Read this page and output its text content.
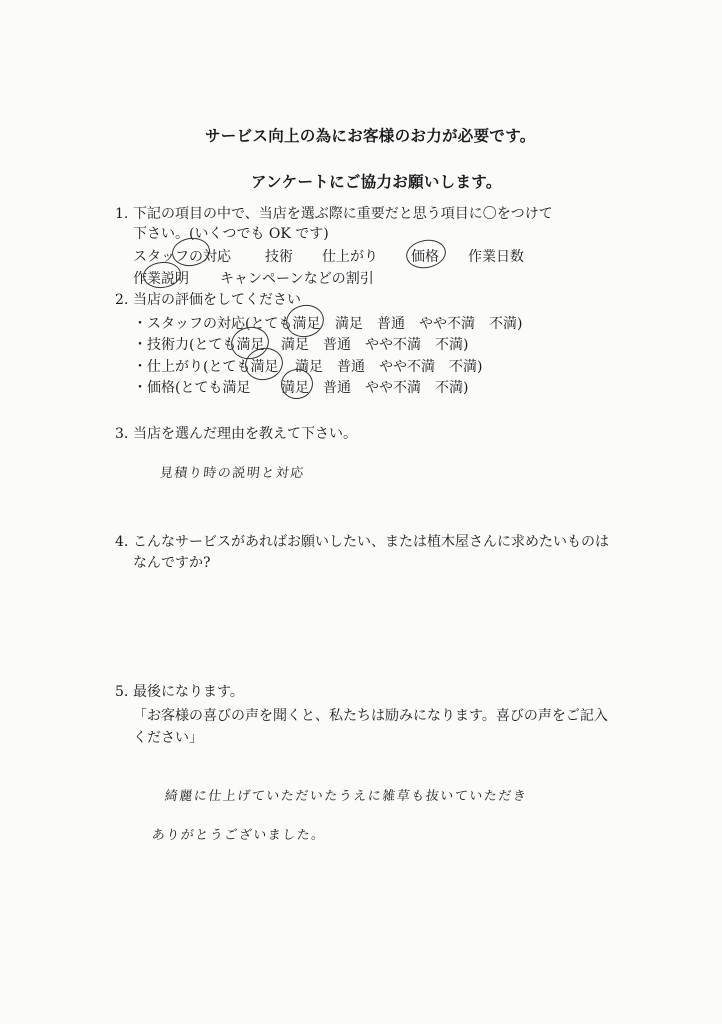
サービス向上の為にお客様のお力が必要です。
アンケートにご協力お願いします。
1. 下記の項目の中で、当店を選ぶ際に重要だと思う項目に〇をつけて
下さい。(いくつでも OK です)
スタッフの対応 技術 仕上がり 価格 作業日数
作業説明 キャンペーンなどの割引
2. 当店の評価をしてください
・スタッフの対応(とても満足 満足　普通　やや不満　不満)
・技術力(とても満足 満足　普通　やや不満　不満)
・仕上がり(とても満足 満足　普通　やや不満　不満)
・価格(とても満足 満足　普通　やや不満　不満)
3. 当店を選んだ理由を教えて下さい。
見積り時の説明と対応
4. こんなサービスがあればお願いしたい、または植木屋さんに求めたいものは
なんですか?
5. 最後になります。
「お客様の喜びの声を聞くと、私たちは励みになります。喜びの声をご記入
ください」
綺麗に仕上げていただいたうえに雑草も抜いていただき
ありがとうございました。
